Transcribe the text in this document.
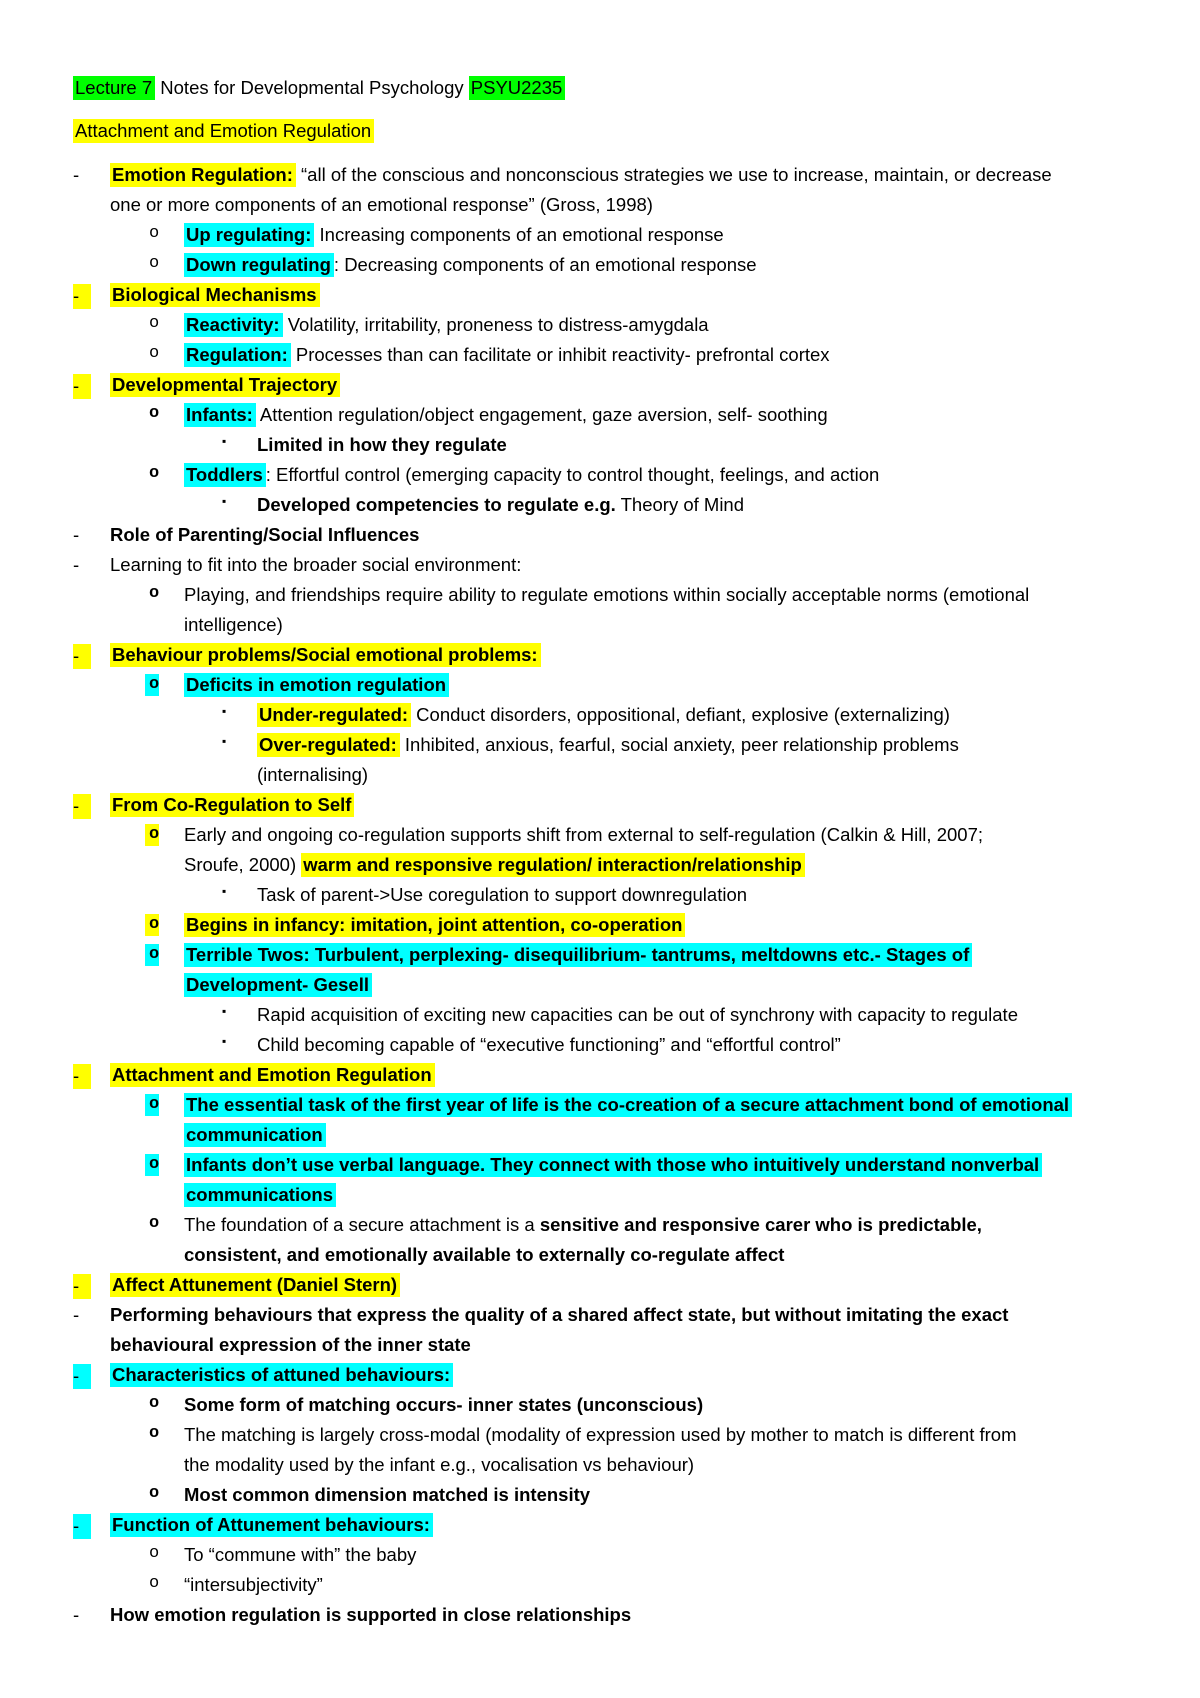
Lecture 7 Notes for Developmental Psychology PSYU2235
Attachment and Emotion Regulation
-	Emotion Regulation: “all of the conscious and nonconscious strategies we use to increase, maintain, or decrease
one or more components of an emotional response” (Gross, 1998)
o Up regulating: Increasing components of an emotional response
o Down regulating : Decreasing components of an emotional response
-	Biological Mechanisms
o Reactivity: Volatility, irritability, proneness to distress-amygdala
o Regulation: Processes than can facilitate or inhibit reactivity- prefrontal cortex
-	Developmental Trajectory
o Infants: Attention regulation/object engagement, gaze aversion, self- soothing
▪ Limited in how they regulate
o Toddlers : Effortful control (emerging capacity to control thought, feelings, and action
▪ Developed competencies to regulate e.g. Theory of Mind
-	Role of Parenting/Social Influences
-	Learning to fit into the broader social environment:
o Playing, and friendships require ability to regulate emotions within socially acceptable norms (emotional
intelligence)
-	Behaviour problems/Social emotional problems:
o Deficits in emotion regulation
▪ Under-regulated: Conduct disorders, oppositional, defiant, explosive (externalizing)
▪ Over-regulated: Inhibited, anxious, fearful, social anxiety, peer relationship problems
(internalising)
-	From Co-Regulation to Self
o Early and ongoing co-regulation supports shift from external to self-regulation (Calkin & Hill, 2007;
Sroufe, 2000) warm and responsive regulation/ interaction/relationship
▪ Task of parent->Use coregulation to support downregulation
o Begins in infancy: imitation, joint attention, co-operation
o Terrible Twos: Turbulent, perplexing- disequilibrium- tantrums, meltdowns etc.- Stages of
Development- Gesell
▪ Rapid acquisition of exciting new capacities can be out of synchrony with capacity to regulate
▪ Child becoming capable of “executive functioning” and “effortful control”
-	Attachment and Emotion Regulation
o The essential task of the first year of life is the co-creation of a secure attachment bond of emotional
communication
o Infants don’t use verbal language. They connect with those who intuitively understand nonverbal
communications
o The foundation of a secure attachment is a sensitive and responsive carer who is predictable,
consistent, and emotionally available to externally co-regulate affect
-	Affect Attunement (Daniel Stern)
-	Performing behaviours that express the quality of a shared affect state, but without imitating the exact
behavioural expression of the inner state
-	Characteristics of attuned behaviours:
o Some form of matching occurs- inner states (unconscious)
o The matching is largely cross-modal (modality of expression used by mother to match is different from
the modality used by the infant e.g., vocalisation vs behaviour)
o Most common dimension matched is intensity
-	Function of Attunement behaviours:
o To “commune with” the baby
o “intersubjectivity”
-	How emotion regulation is supported in close relationships
